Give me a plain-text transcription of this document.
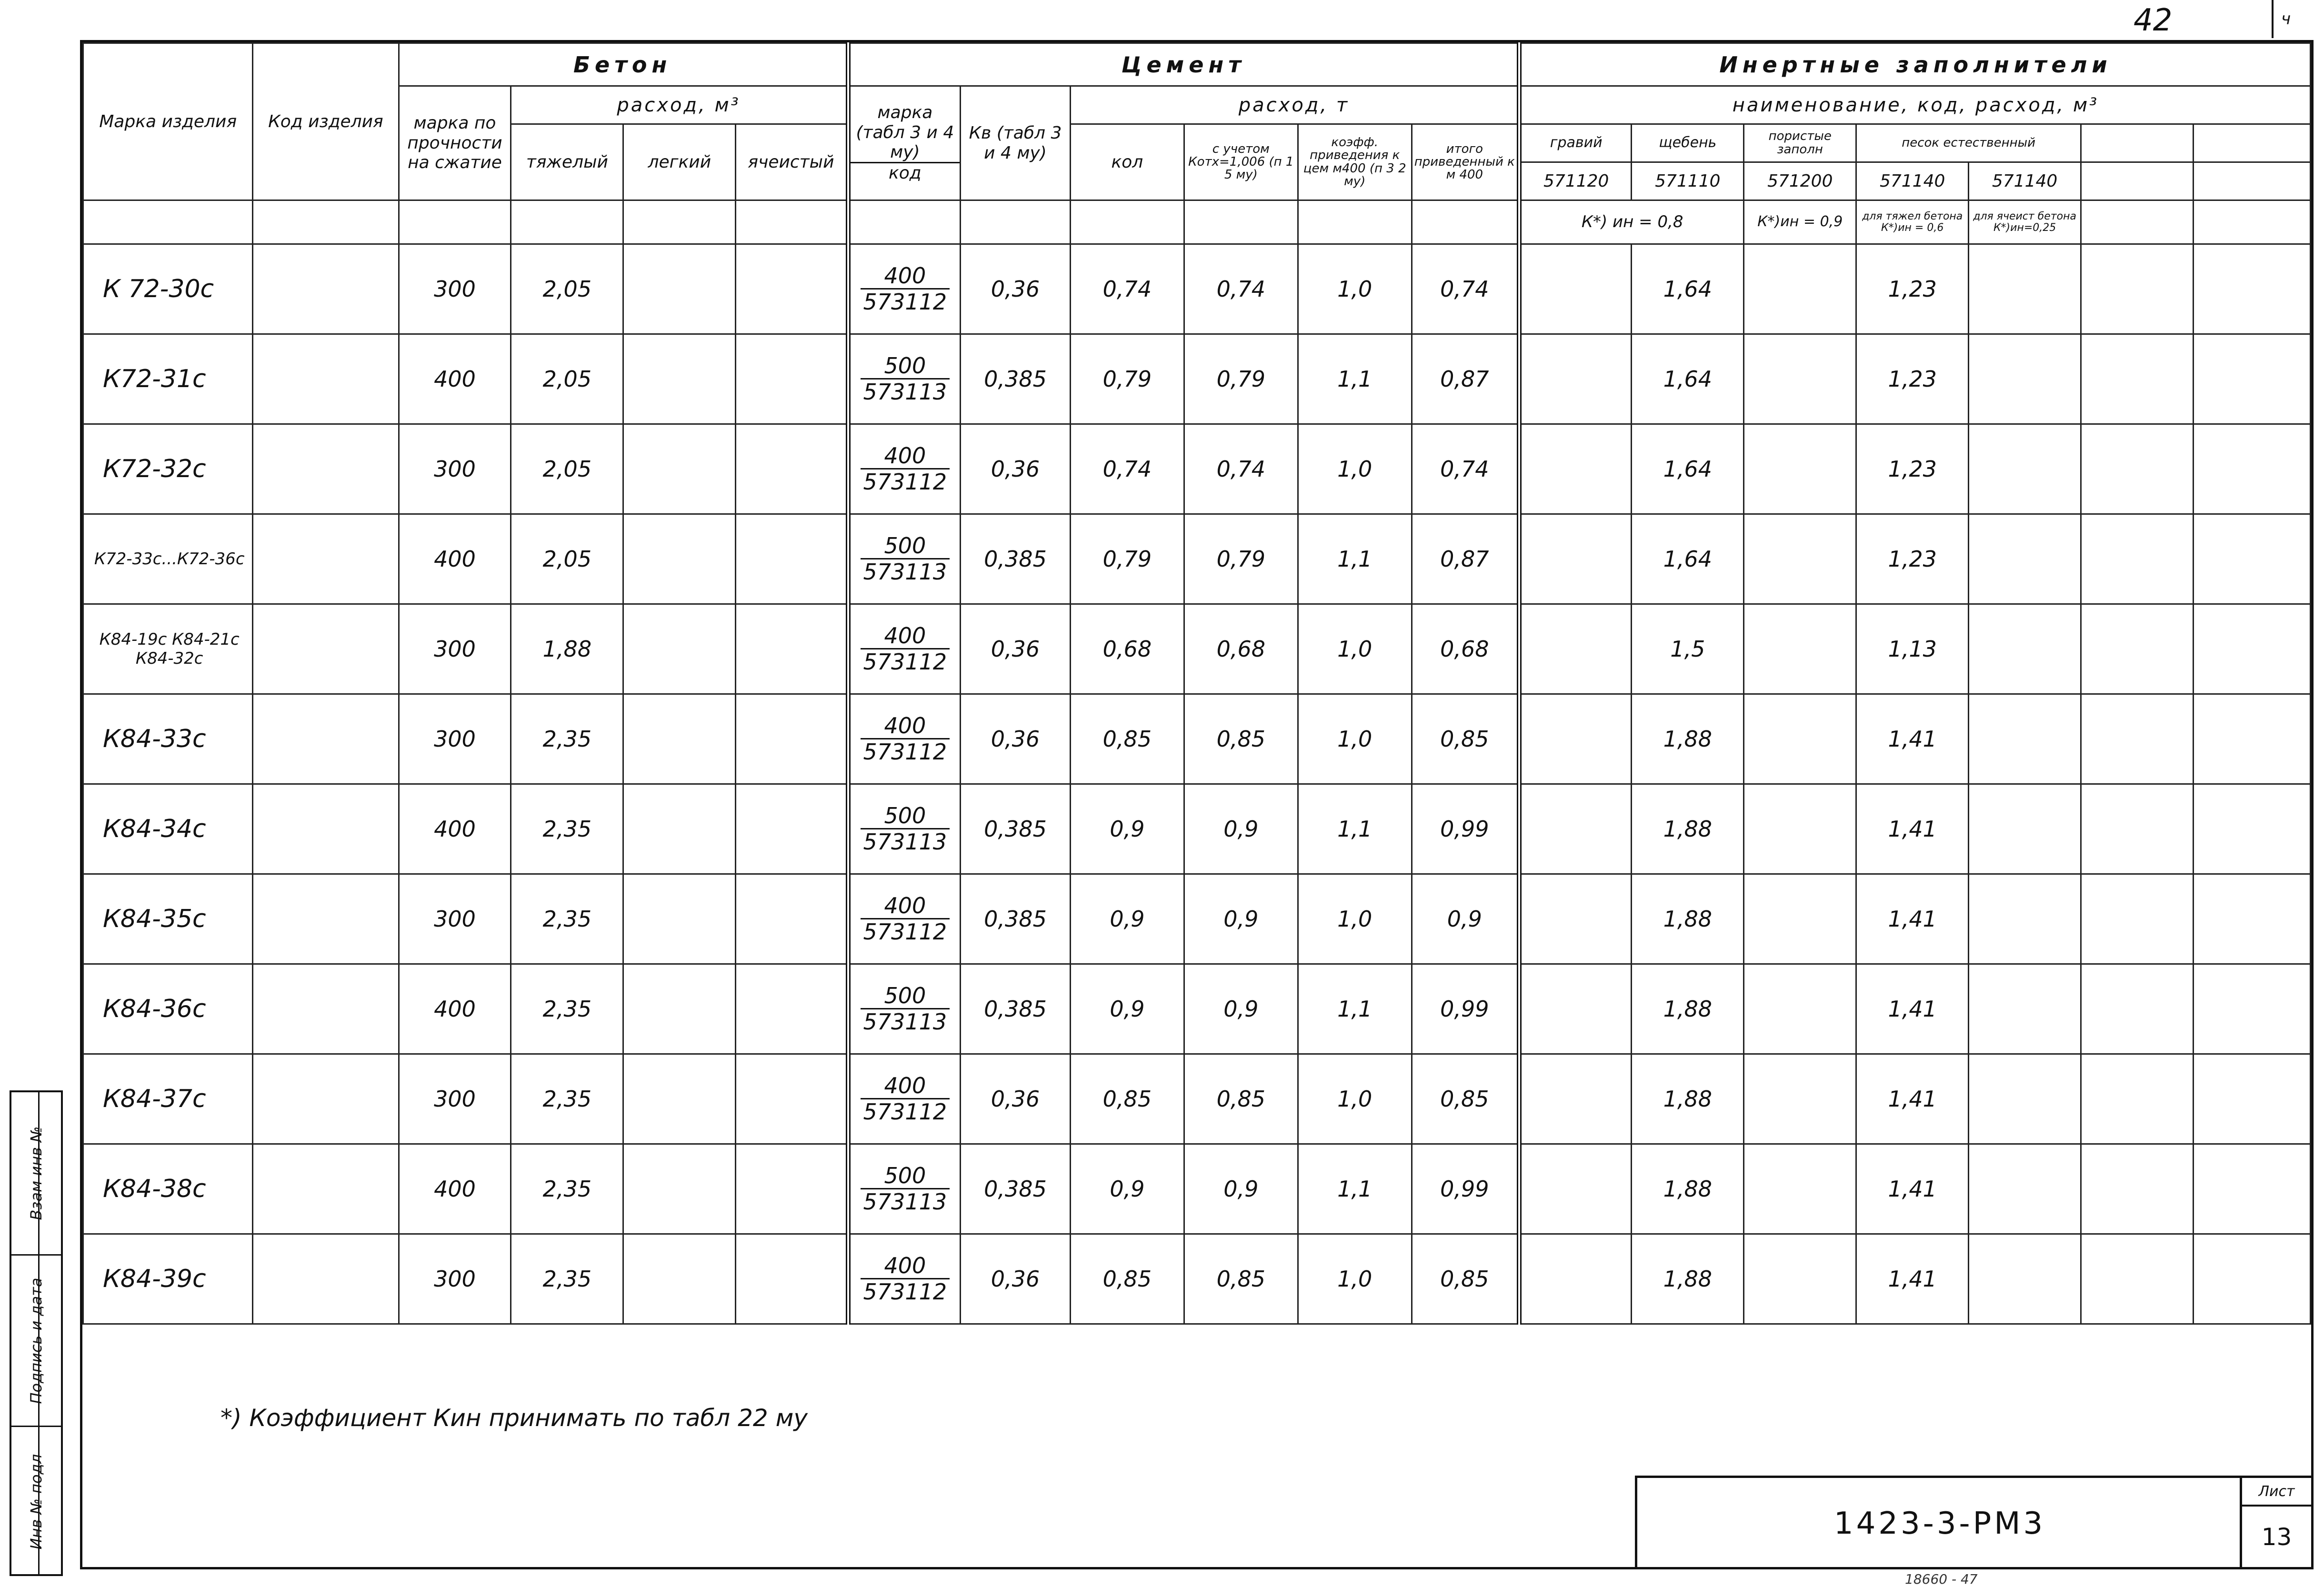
42	ч
18660 - 47
Взам инв №
Подпись и дата
Инв № подл
Марка изделия	Код изделия	Бетон				Цемент						Инертные заполнители						
		марка по прочности на сжатие	расход, м³			$\frac{\text{марка (табл 3 и 4 му)}}{\text{код}}$	Кв (табл 3 и 4 му)	расход, т				наименование, код, расход, м³						
			тяжелый	легкий	ячеистый			кол	с учетом Котх=1,006 (п 1 5 му)	коэфф. приведения к цем м400 (п 3 2 му)	итого приведенный к м 400	гравий	щебень	пористые заполн	песок естественный			
												571120	571110	571200	571140	571140		
												К*) ин = 0,8		К*)ин = 0,9	для тяжел бетона К*)ин = 0,6	для ячеист бетона К*)ин=0,25		
К 72-30с		300	2,05			$\frac{400}{573112}$	0,36	0,74	0,74	1,0	0,74		1,64		1,23			
К72-31с		400	2,05			$\frac{500}{573113}$	0,385	0,79	0,79	1,1	0,87		1,64		1,23			
К72-32с		300	2,05			$\frac{400}{573112}$	0,36	0,74	0,74	1,0	0,74		1,64		1,23			
К72-33с...К72-36с		400	2,05			$\frac{500}{573113}$	0,385	0,79	0,79	1,1	0,87		1,64		1,23			
К84-19с К84-21с К84-32с		300	1,88			$\frac{400}{573112}$	0,36	0,68	0,68	1,0	0,68		1,5		1,13			
К84-33с		300	2,35			$\frac{400}{573112}$	0,36	0,85	0,85	1,0	0,85		1,88		1,41			
К84-34с		400	2,35			$\frac{500}{573113}$	0,385	0,9	0,9	1,1	0,99		1,88		1,41			
К84-35с		300	2,35			$\frac{400}{573112}$	0,385	0,9	0,9	1,0	0,9		1,88		1,41			
К84-36с		400	2,35			$\frac{500}{573113}$	0,385	0,9	0,9	1,1	0,99		1,88		1,41			
К84-37с		300	2,35			$\frac{400}{573112}$	0,36	0,85	0,85	1,0	0,85		1,88		1,41			
К84-38с		400	2,35			$\frac{500}{573113}$	0,385	0,9	0,9	1,1	0,99		1,88		1,41			
К84-39с		300	2,35			$\frac{400}{573112}$	0,36	0,85	0,85	1,0	0,85		1,88		1,41			
*) Коэффициент Кин принимать по табл 22 му
1423-3-РМ3
Лист
13
